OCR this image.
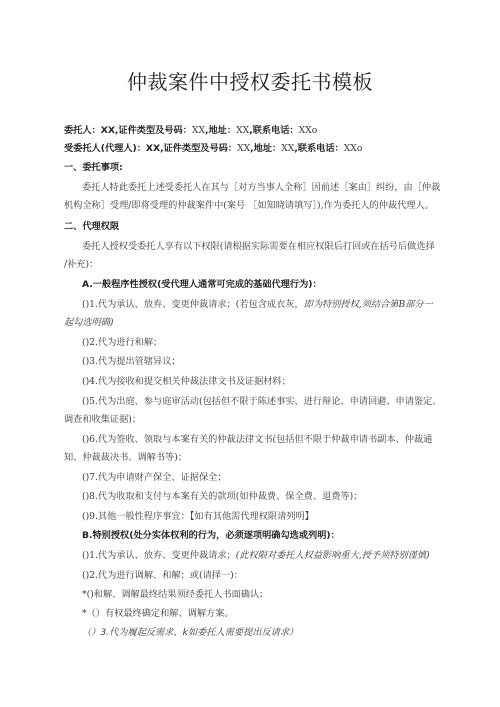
仲裁案件中授权委托书模板
委托人：XX,证件类型及号码：XX,地址：XX,联系电话：XXo
受委托人(代理人)：XX,证件类型及号码：XX,地址：XX,联系电话：XXo
一、委托事项:
委托人特此委托上述受委托人在其与［对方当事人全称］因前述［案由］纠纷，由［仲裁
机构全称］受理/即将受理的仲裁案件中(案号 ［如知晓请填写］),作为委托人的仲裁代理人。
二、代理权限
委托人授权受委托人享有以下权限(请根据实际需要在相应权限后打回或在括号后做选择
/补充)：
A.一般程序性授权(受代理人通常可完成的基础代理行为)：
()1.代为承认、放弃、变更仲裁请求；(若包含成衣灰，即为特别授权,须结合第B部分一
起勾选明确)
()2.代为进行和解；
()3.代为提出管辖异议；
()4.代为接收和提交相关仲裁法律文书及证据材料；
()5.代为出庭、参与庭审活动(包括但不限于陈述事实、进行辩论、申请回避、申请鉴定、
调查和收集证据)；
()6.代为签收、领取与本案有关的仲裁法律文书(包括但不限于仲裁申请书副本、仲裁通
知、仲裁裁决书、调解书等)；
()7.代为申请财产保全、证据保全；
()8.代为收取和支付与本案有关的款项(如仲裁费、保全费、退费等)；
()9.其他一般性程序事宜：【如有其他需代理权限请列明】
B.特别授权(处分实体权利的行为，必须逐项明确勾选或列明)：
()1.代为承认、放弃、变更仲裁请求；(此权限对委托人权益影响重大,授予须特别谨慎)
()2.代为进行调解、和解；或(请择一)：
*()和解、调解最终结果须经委托人书面确认；
*（）有权最终确定和解、调解方案。
（）3.代为履起反需求，k如委托人需要提出反请求）
